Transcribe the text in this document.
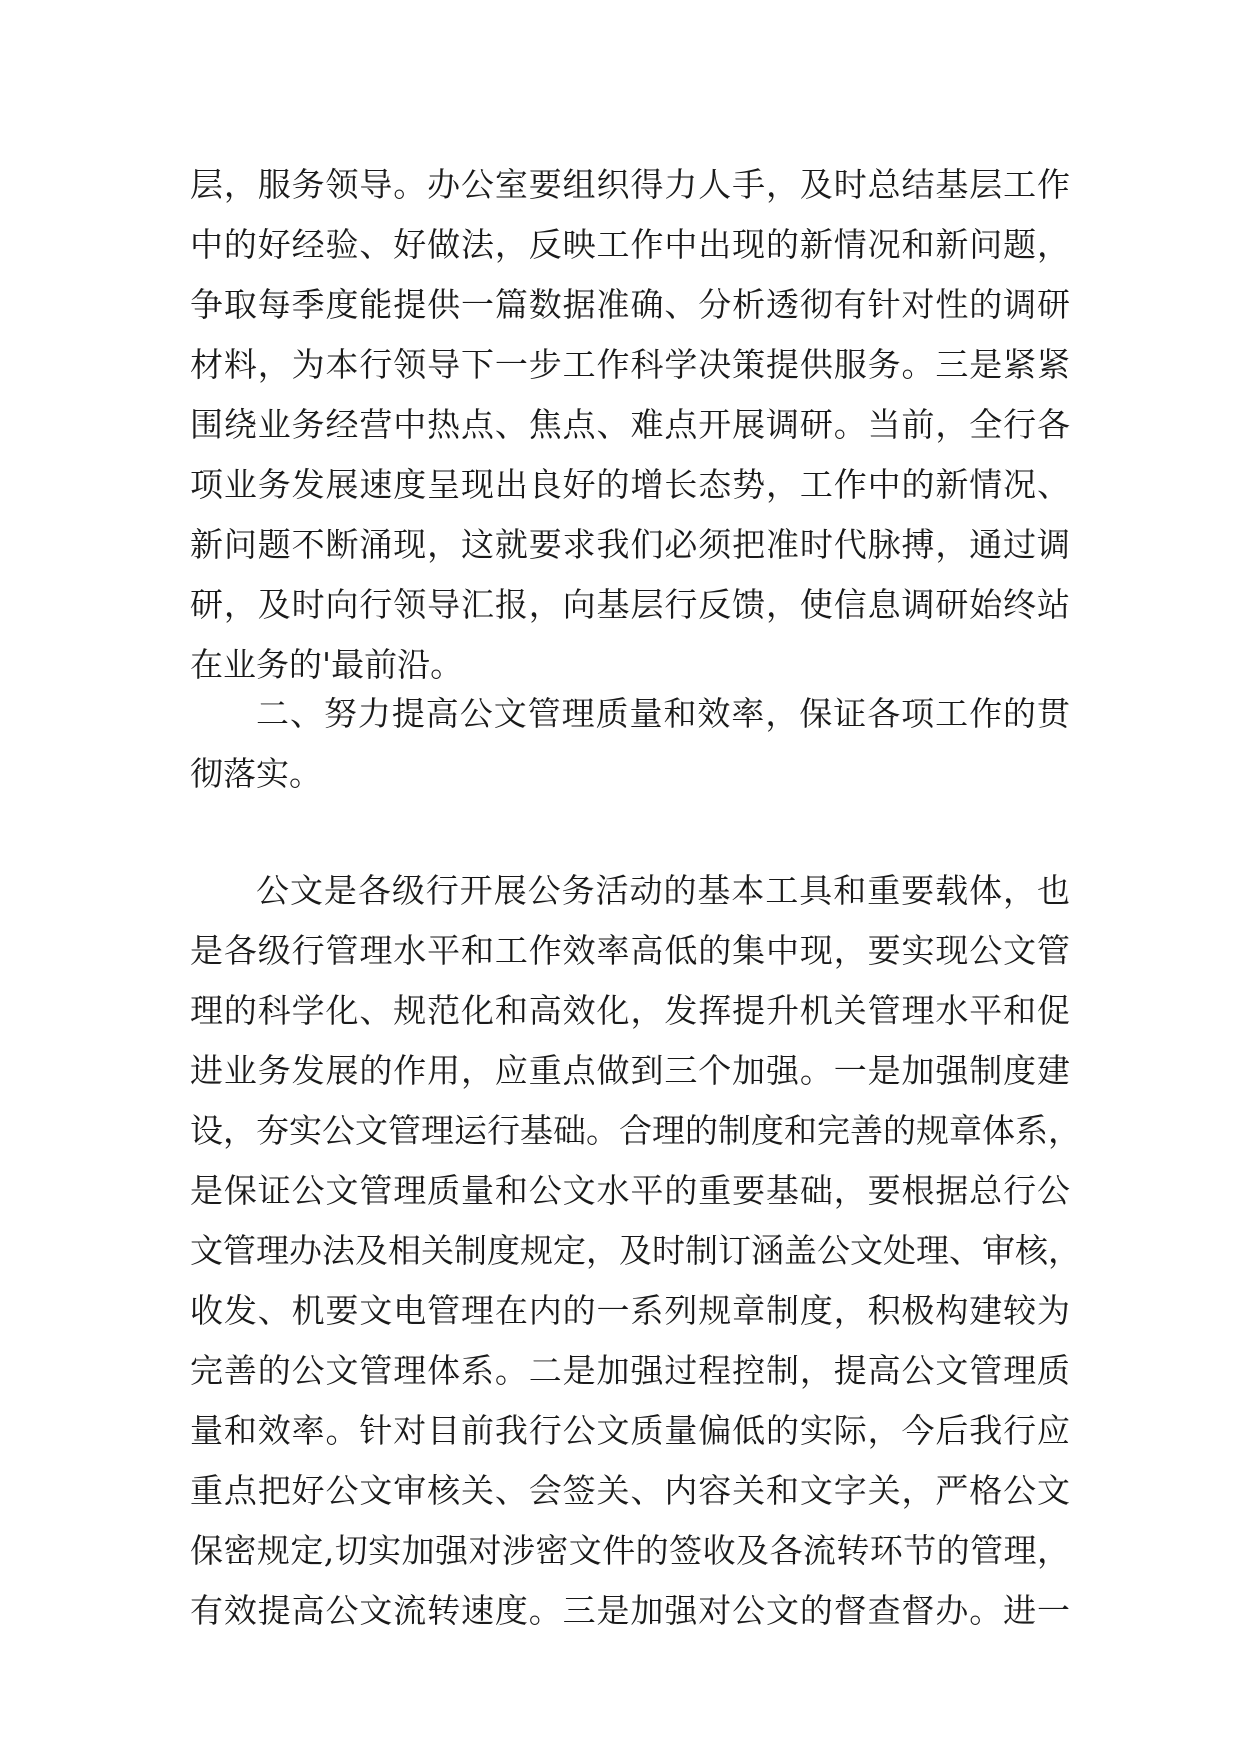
层，服务领导。办公室要组织得力人手，及时总结基层工作
中的好经验、好做法，反映工作中出现的新情况和新问题，
争取每季度能提供一篇数据准确、分析透彻有针对性的调研
材料，为本行领导下一步工作科学决策提供服务。三是紧紧
围绕业务经营中热点、焦点、难点开展调研。当前，全行各
项业务发展速度呈现出良好的增长态势，工作中的新情况、
新问题不断涌现，这就要求我们必须把准时代脉搏，通过调
研，及时向行领导汇报，向基层行反馈，使信息调研始终站
在业务的'最前沿。
二、努力提高公文管理质量和效率，保证各项工作的贯
彻落实。
公文是各级行开展公务活动的基本工具和重要载体，也
是各级行管理水平和工作效率高低的集中现，要实现公文管
理的科学化、规范化和高效化，发挥提升机关管理水平和促
进业务发展的作用，应重点做到三个加强。一是加强制度建
设，夯实公文管理运行基础。合理的制度和完善的规章体系，
是保证公文管理质量和公文水平的重要基础，要根据总行公
文管理办法及相关制度规定，及时制订涵盖公文处理、审核，
收发、机要文电管理在内的一系列规章制度，积极构建较为
完善的公文管理体系。二是加强过程控制，提高公文管理质
量和效率。针对目前我行公文质量偏低的实际，今后我行应
重点把好公文审核关、会签关、内容关和文字关，严格公文
保密规定,切实加强对涉密文件的签收及各流转环节的管理，
有效提高公文流转速度。三是加强对公文的督查督办。进一
